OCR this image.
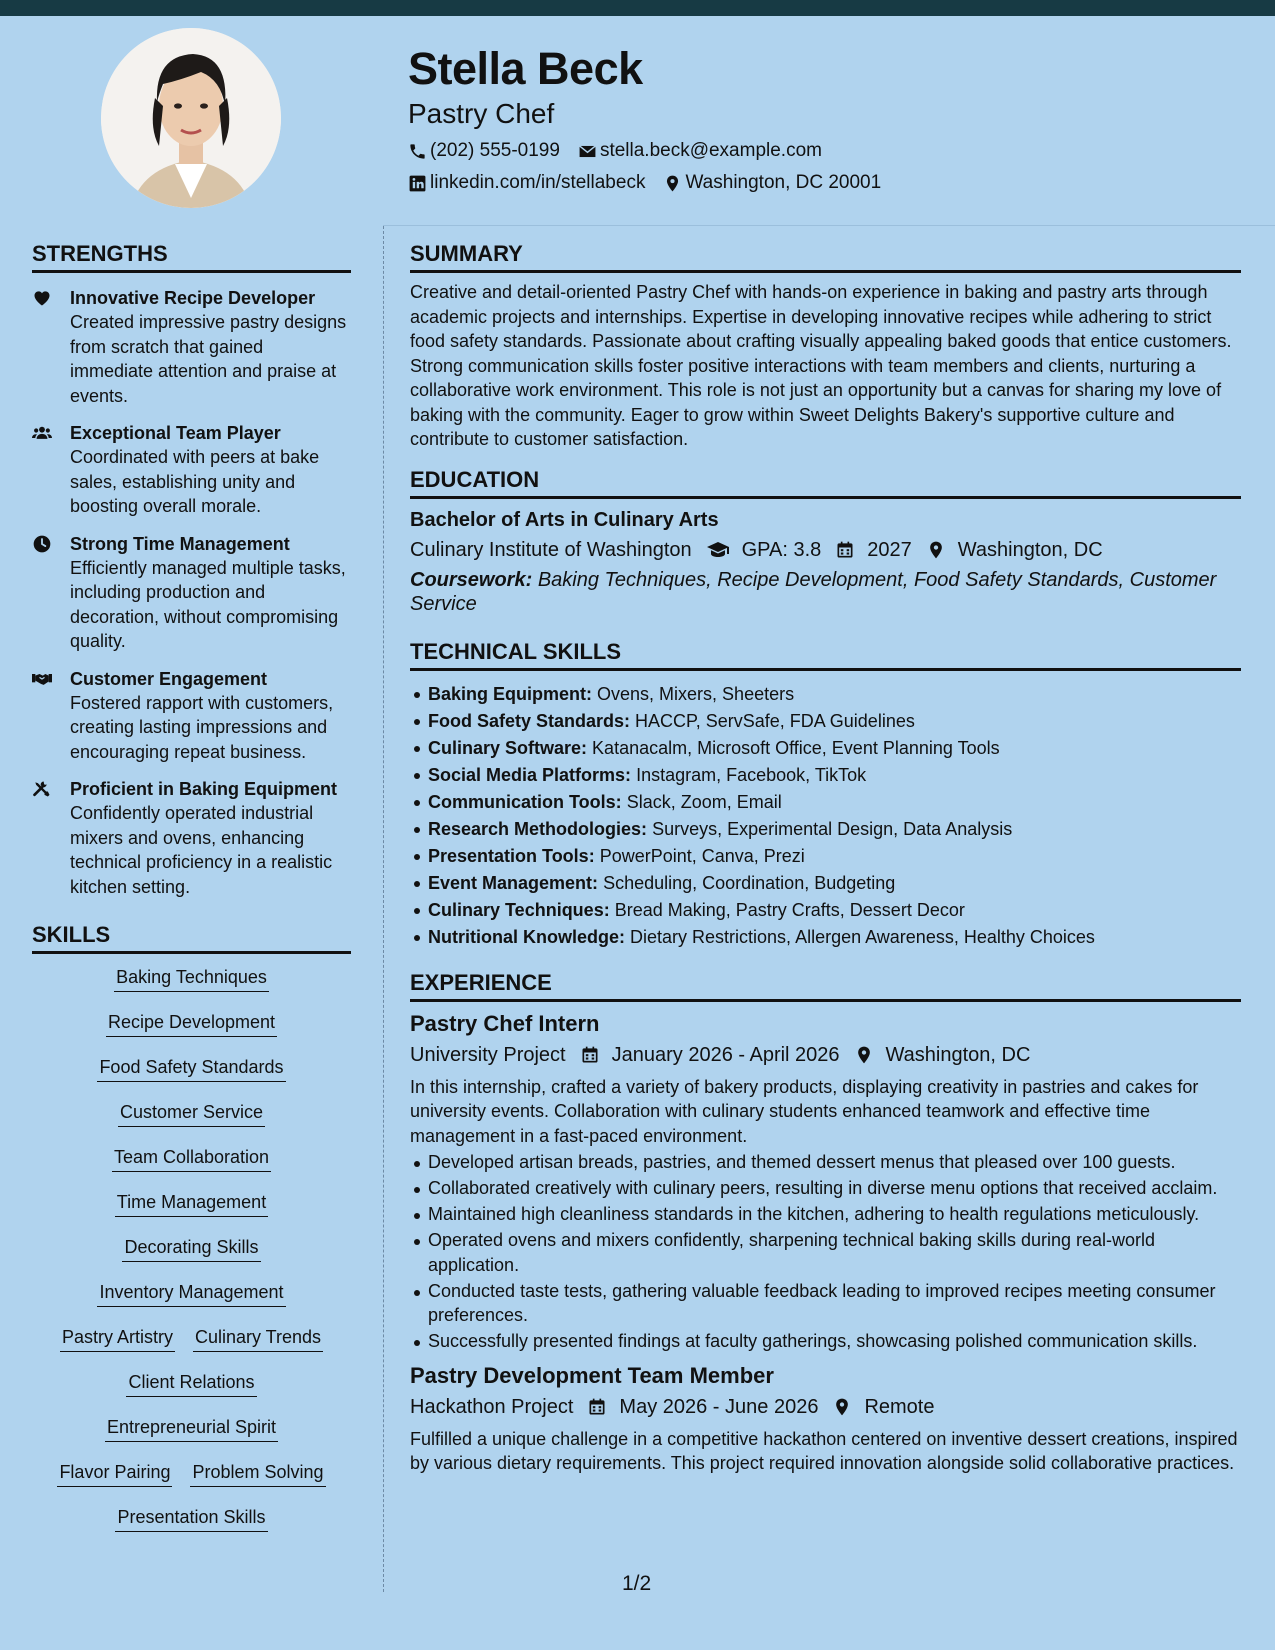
Stella Beck
Pastry Chef
(202) 555-0199 stella.beck@example.com
linkedin.com/in/stellabeck Washington, DC 20001
STRENGTHS
Innovative Recipe Developer
Created impressive pastry designs from scratch that gained immediate attention and praise at events.
Exceptional Team Player
Coordinated with peers at bake sales, establishing unity and boosting overall morale.
Strong Time Management
Efficiently managed multiple tasks, including production and decoration, without compromising quality.
Customer Engagement
Fostered rapport with customers, creating lasting impressions and encouraging repeat business.
Proficient in Baking Equipment
Confidently operated industrial mixers and ovens, enhancing technical proficiency in a realistic kitchen setting.
SKILLS
Baking Techniques
Recipe Development
Food Safety Standards
Customer Service
Team Collaboration
Time Management
Decorating Skills
Inventory Management
Pastry Artistry Culinary Trends
Client Relations
Entrepreneurial Spirit
Flavor Pairing Problem Solving
Presentation Skills
SUMMARY
Creative and detail-oriented Pastry Chef with hands-on experience in baking and pastry arts through academic projects and internships. Expertise in developing innovative recipes while adhering to strict food safety standards. Passionate about crafting visually appealing baked goods that entice customers. Strong communication skills foster positive interactions with team members and clients, nurturing a collaborative work environment. This role is not just an opportunity but a canvas for sharing my love of baking with the community. Eager to grow within Sweet Delights Bakery's supportive culture and contribute to customer satisfaction.
EDUCATION
Bachelor of Arts in Culinary Arts
Culinary Institute of Washington	GPA: 3.8 2027 Washington, DC
Coursework: Baking Techniques, Recipe Development, Food Safety Standards, Customer Service
TECHNICAL SKILLS
Baking Equipment: Ovens, Mixers, Sheeters
Food Safety Standards: HACCP, ServSafe, FDA Guidelines
Culinary Software: Katanacalm, Microsoft Office, Event Planning Tools
Social Media Platforms: Instagram, Facebook, TikTok
Communication Tools: Slack, Zoom, Email
Research Methodologies: Surveys, Experimental Design, Data Analysis
Presentation Tools: PowerPoint, Canva, Prezi
Event Management: Scheduling, Coordination, Budgeting
Culinary Techniques: Bread Making, Pastry Crafts, Dessert Decor
Nutritional Knowledge: Dietary Restrictions, Allergen Awareness, Healthy Choices
EXPERIENCE
Pastry Chef Intern
University Project January 2026 - April 2026 Washington, DC
In this internship, crafted a variety of bakery products, displaying creativity in pastries and cakes for university events. Collaboration with culinary students enhanced teamwork and effective time management in a fast-paced environment.
Developed artisan breads, pastries, and themed dessert menus that pleased over 100 guests.
Collaborated creatively with culinary peers, resulting in diverse menu options that received acclaim.
Maintained high cleanliness standards in the kitchen, adhering to health regulations meticulously.
Operated ovens and mixers confidently, sharpening technical baking skills during real-world application.
Conducted taste tests, gathering valuable feedback leading to improved recipes meeting consumer preferences.
Successfully presented findings at faculty gatherings, showcasing polished communication skills.
Pastry Development Team Member
Hackathon Project May 2026 - June 2026 Remote
Fulfilled a unique challenge in a competitive hackathon centered on inventive dessert creations, inspired by various dietary requirements. This project required innovation alongside solid collaborative practices.
1/2
